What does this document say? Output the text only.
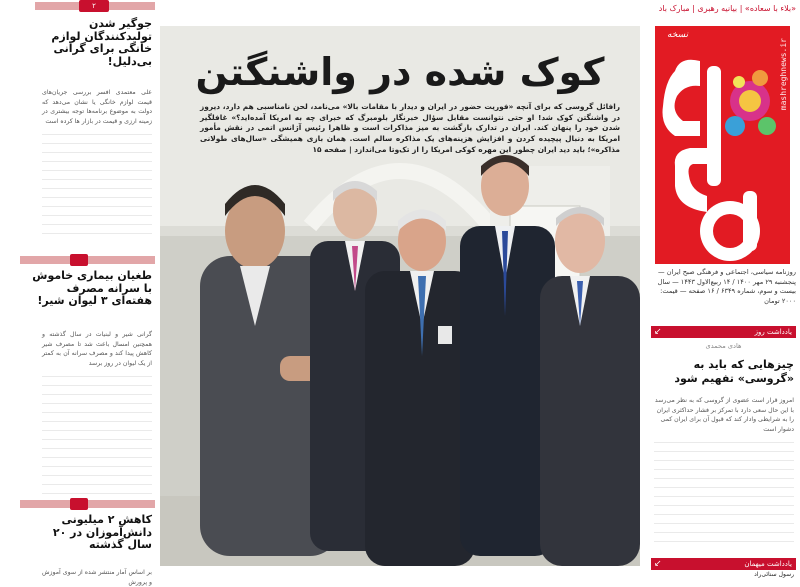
۲
جوگیر شدن تولیدکنندگان لوازم خانگی برای گرانی بی‌دلیل!
علی معتمدی افسر بررسی جریان‌های قیمت لوازم خانگی یا نشان می‌دهد که دولت به موضوع برنامه‌ها توجه بیشتری در زمینه ارزی و قیمت در بازار ها کرده است
طغیان بیماری خاموش با سرانه مصرف هفته‌ای ۳ لیوان شیر!
گرانی شیر و لبنیات در سال گذشته و همچنین امسال باعث شد تا مصرف شیر کاهش پیدا کند و مصرف سرانه آن به کمتر از یک لیوان در روز برسد
کاهش ۲ میلیونی دانش‌آموزان در ۲۰ سال گذشته
بر اساس آمار منتشر شده از سوی آموزش و پرورش
کوک شده در واشنگتن
رافائل گروسی که برای آنچه «فوریت حضور در ایران و دیدار با مقامات بالا» می‌نامد، لحن نامناسبی هم دارد، دیروز در واشنگتن کوک شد! او حتی نتوانست مقابل سؤال خبرنگار بلومبرگ که خبرای چه به امریکا آمده‌اید؟» غافلگیر شدن خود را پنهان کند. ایران در تدارک بازگشت به میز مذاکرات است و ظاهرا رئیس آژانس اتمی در نقش مأمور امریکا به دنبال پیچیده کردن و افزایش هزینه‌های یک مذاکره سالم است. همان بازی همیشگی «سال‌های طولانی مذاکره»؛ باید دید ایران چطور این مهره کوکی امریکا را از تک‌و‌تا می‌اندازد | صفحه ۱۵
«بلاء با سعاده» | بیانیه رهبری | مبارک باد
نسخه
mashreghnews.ir
روزنامه سیاسی، اجتماعی و فرهنگی صبح ایران — پنجشنبه ۲۹ مهر ۱۴۰۰ / ۱۴ ربیع‌الاول ۱۴۴۳ — سال بیست و سوم، شماره ۶۳۴۹ / ۱۶ صفحه — قیمت: ۲۰۰۰ تومان
یادداشت روز
↙
هادی محمدی
چیزهایی که باید به «گروسی» تفهیم شود
امروز قرار است عضوی از گروسی که به نظر می‌رسد با این حال سعی دارد با تمرکز بر فشار حداکثری ایران را به شرایطی وادار کند که قبول آن برای ایران کمی دشوار است
یادداشت میهمان
↙
رسول سنائی‌راد
